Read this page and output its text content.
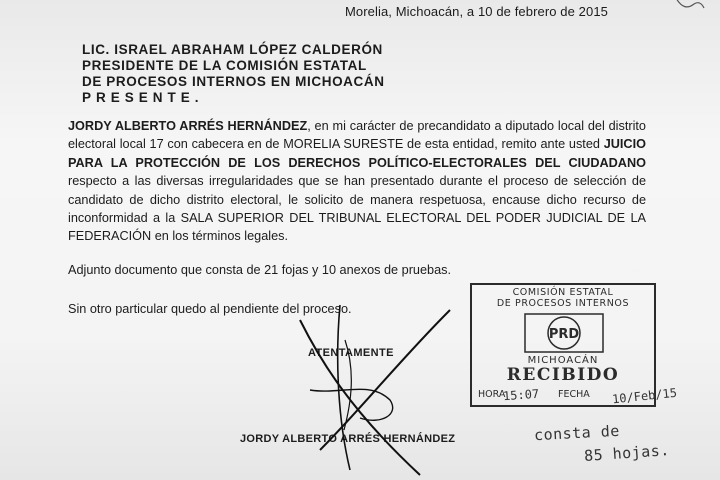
Morelia, Michoacán, a 10 de febrero de 2015
LIC. ISRAEL ABRAHAM LÓPEZ CALDERÓN
PRESIDENTE DE LA COMISIÓN ESTATAL
DE PROCESOS INTERNOS EN MICHOACÁN
PRESENTE.
JORDY ALBERTO ARRÉS HERNÁNDEZ, en mi carácter de precandidato a diputado local del distrito electoral local 17 con cabecera en de MORELIA SURESTE de esta entidad, remito ante usted JUICIO PARA LA PROTECCIÓN DE LOS DERECHOS POLÍTICO-ELECTORALES DEL CIUDADANO respecto a las diversas irregularidades que se han presentado durante el proceso de selección de candidato de dicho distrito electoral, le solicito de manera respetuosa, encause dicho recurso de inconformidad a la SALA SUPERIOR DEL TRIBUNAL ELECTORAL DEL PODER JUDICIAL DE LA FEDERACIÓN en los términos legales.
Adjunto documento que consta de 21 fojas y 10 anexos de pruebas.
Sin otro particular quedo al pendiente del proceso.
ATENTAMENTE
JORDY ALBERTO ARRÉS HERNÁNDEZ
COMISIÓN ESTATAL
DE PROCESOS INTERNOS
PRD
MICHOACÁN
RECIBIDO
HORA	FECHA
15:07	10/Feb/15
consta de
85 hojas.
